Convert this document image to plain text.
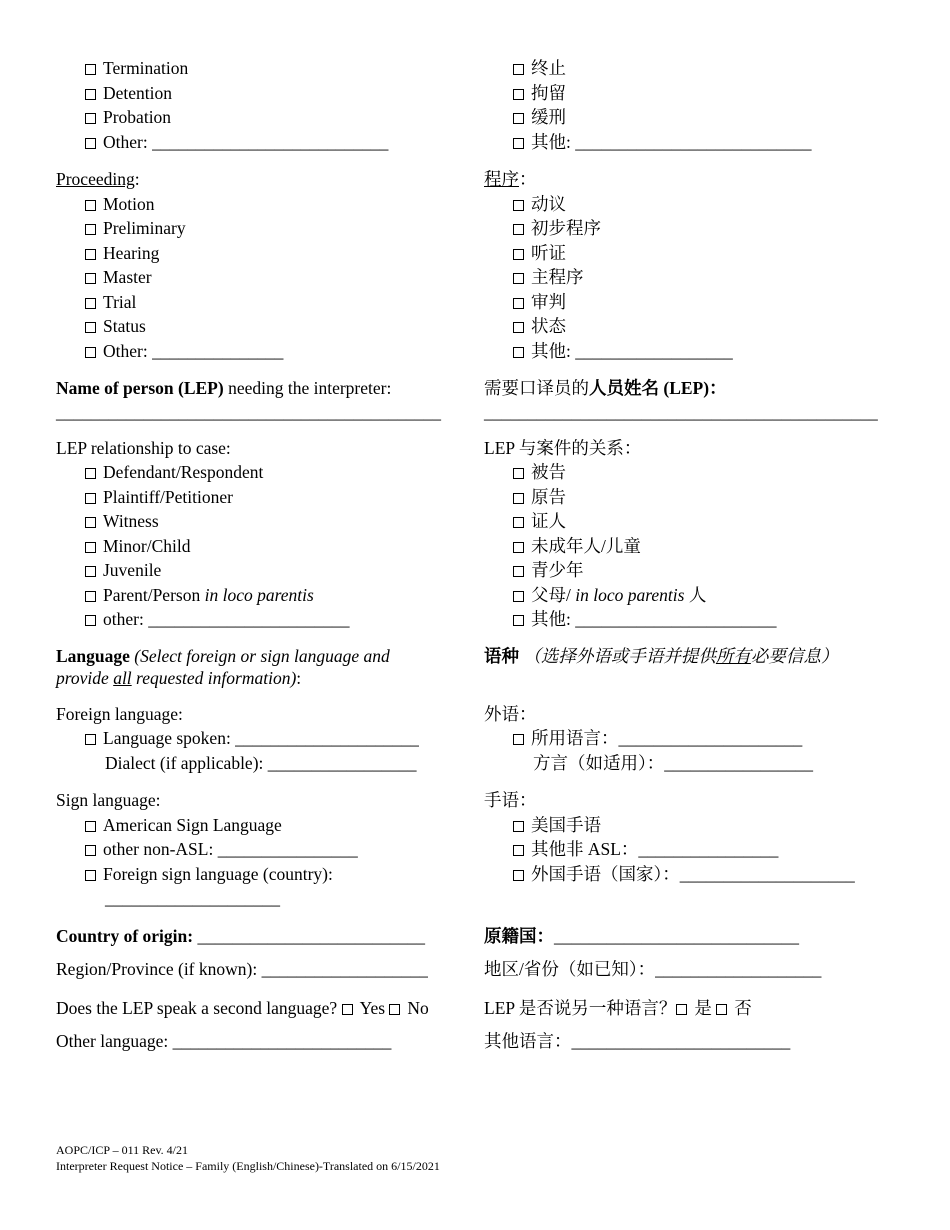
Termination
Detention
Probation
Other: ___________________________
Proceeding:
Motion
Preliminary
Hearing
Master
Trial
Status
Other: _______________
Name of person (LEP) needing the interpreter:
____________________________________________
LEP relationship to case:
Defendant/Respondent
Plaintiff/Petitioner
Witness
Minor/Child
Juvenile
Parent/Person in loco parentis
other: _______________________
Language (Select foreign or sign language and
provide all requested information):
Foreign language:
Language spoken: _____________________
Dialect (if applicable): _________________
Sign language:
American Sign Language
other non-ASL: ________________
Foreign sign language (country):
____________________
Country of origin: __________________________
Region/Province (if known): ___________________
Does the LEP speak a second language? Yes No
Other language: _________________________
终止
拘留
缓刑
其他: ___________________________
程序：
动议
初步程序
听证
主程序
审判
状态
其他: __________________
需要口译员的人员姓名 (LEP)：
_____________________________________________
LEP 与案件的关系：
被告
原告
证人
未成年人/儿童
青少年
父母/ in loco parentis 人
其他: _______________________
语种 （选择外语或手语并提供所有必要信息）
外语：
所用语言：_____________________
方言（如适用）：_________________
手语：
美国手语
其他非 ASL：________________
外国手语（国家）：____________________
原籍国：____________________________
地区/省份（如已知）：___________________
LEP 是否说另一种语言？ 是 否
其他语言：_________________________
AOPC/ICP – 011 Rev. 4/21
Interpreter Request Notice – Family (English/Chinese)-Translated on 6/15/2021
